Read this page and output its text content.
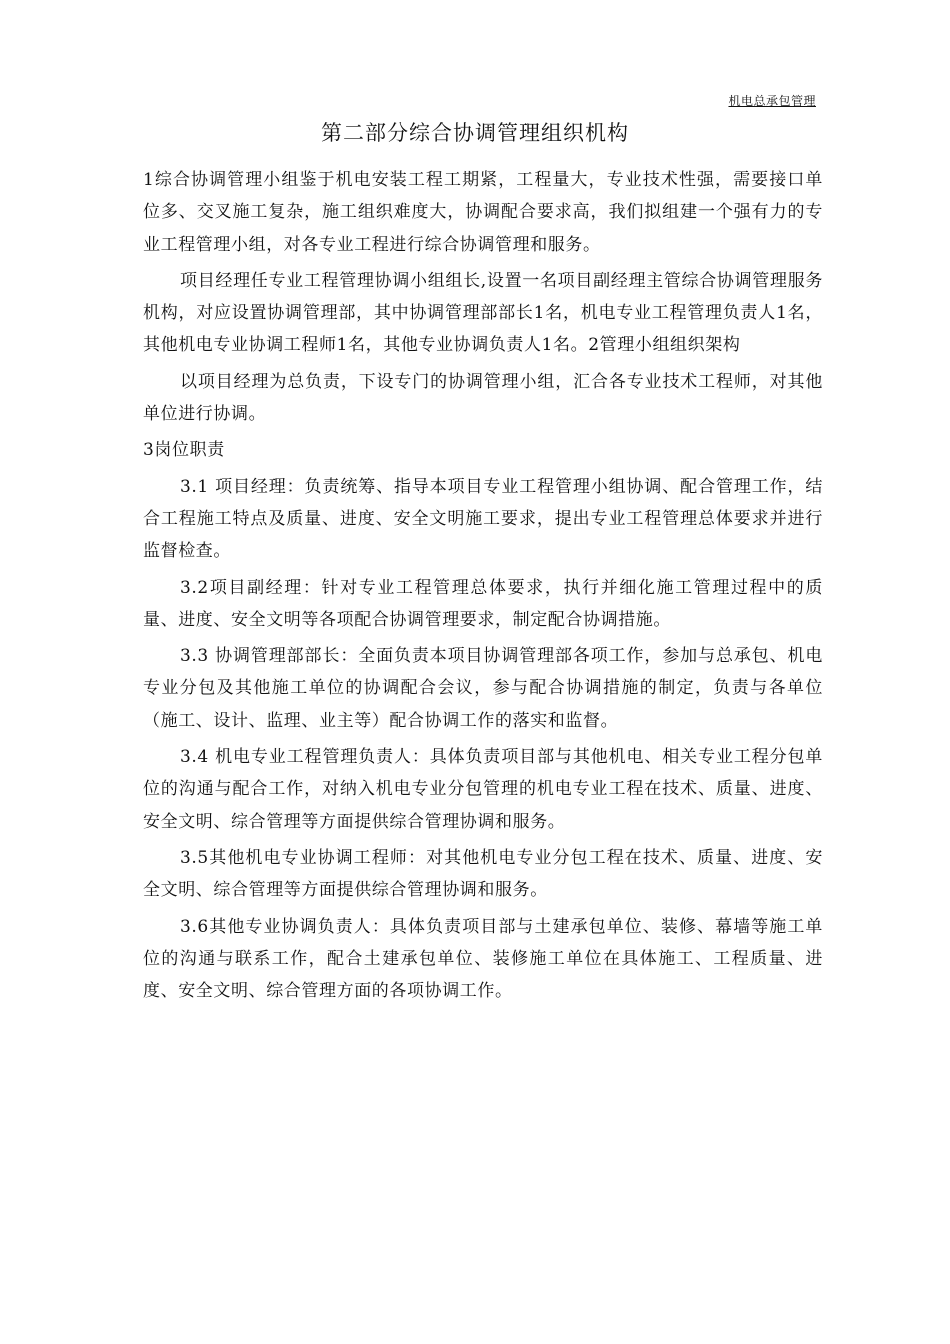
机电总承包管理
第二部分综合协调管理组织机构

1综合协调管理小组鉴于机电安装工程工期紧，工程量大，专业技术性强，需要接口单位多、交叉施工复杂，施工组织难度大，协调配合要求高，我们拟组建一个强有力的专业工程管理小组，对各专业工程进行综合协调管理和服务。

项目经理任专业工程管理协调小组组长,设置一名项目副经理主管综合协调管理服务机构，对应设置协调管理部，其中协调管理部部长1名，机电专业工程管理负责人1名，其他机电专业协调工程师1名，其他专业协调负责人1名。2管理小组组织架构

以项目经理为总负责，下设专门的协调管理小组，汇合各专业技术工程师，对其他单位进行协调。

3岗位职责

3.1 项目经理：负责统筹、指导本项目专业工程管理小组协调、配合管理工作，结合工程施工特点及质量、进度、安全文明施工要求，提出专业工程管理总体要求并进行监督检查。

3.2项目副经理：针对专业工程管理总体要求，执行并细化施工管理过程中的质量、进度、安全文明等各项配合协调管理要求，制定配合协调措施。

3.3 协调管理部部长：全面负责本项目协调管理部各项工作，参加与总承包、机电专业分包及其他施工单位的协调配合会议，参与配合协调措施的制定，负责与各单位（施工、设计、监理、业主等）配合协调工作的落实和监督。

3.4 机电专业工程管理负责人：具体负责项目部与其他机电、相关专业工程分包单位的沟通与配合工作，对纳入机电专业分包管理的机电专业工程在技术、质量、进度、安全文明、综合管理等方面提供综合管理协调和服务。

3.5其他机电专业协调工程师：对其他机电专业分包工程在技术、质量、进度、安全文明、综合管理等方面提供综合管理协调和服务。

3.6其他专业协调负责人：具体负责项目部与土建承包单位、装修、幕墙等施工单位的沟通与联系工作，配合土建承包单位、装修施工单位在具体施工、工程质量、进度、安全文明、综合管理方面的各项协调工作。
